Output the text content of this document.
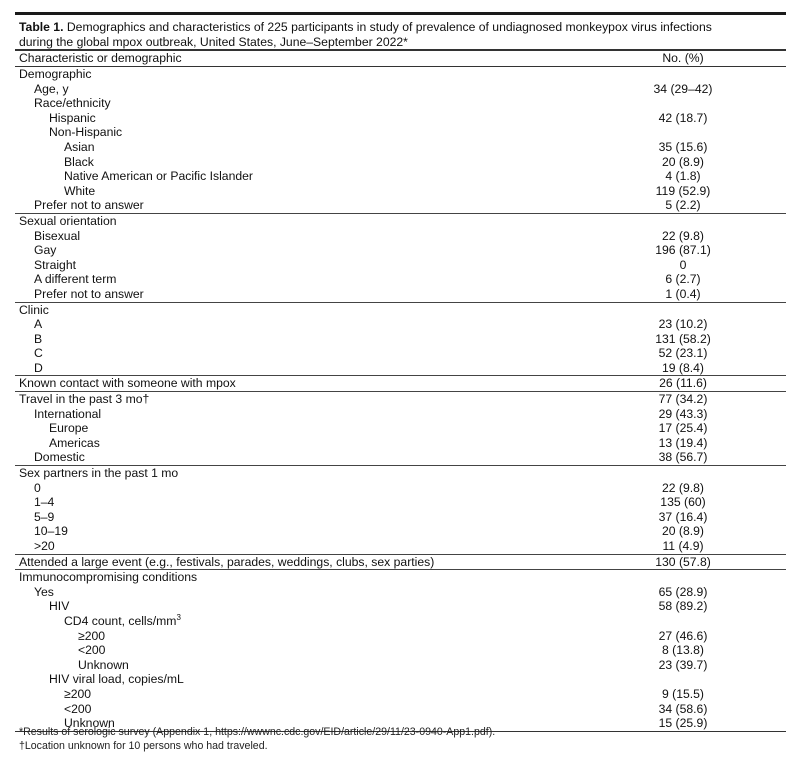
Table 1. Demographics and characteristics of 225 participants in study of prevalence of undiagnosed monkeypox virus infections
during the global mpox outbreak, United States, June–September 2022*
Characteristic or demographic	No. (%)
Demographic
Age, y	34 (29–42)
Race/ethnicity
Hispanic	42 (18.7)
Non-Hispanic
Asian	35 (15.6)
Black	20 (8.9)
Native American or Pacific Islander	4 (1.8)
White	119 (52.9)
Prefer not to answer	5 (2.2)
Sexual orientation
Bisexual	22 (9.8)
Gay	196 (87.1)
Straight	0
A different term	6 (2.7)
Prefer not to answer	1 (0.4)
Clinic
A	23 (10.2)
B	131 (58.2)
C	52 (23.1)
D	19 (8.4)
Known contact with someone with mpox	26 (11.6)
Travel in the past 3 mo†	77 (34.2)
International	29 (43.3)
Europe	17 (25.4)
Americas	13 (19.4)
Domestic	38 (56.7)
Sex partners in the past 1 mo
0	22 (9.8)
1–4	135 (60)
5–9	37 (16.4)
10–19	20 (8.9)
>20	11 (4.9)
Attended a large event (e.g., festivals, parades, weddings, clubs, sex parties)	130 (57.8)
Immunocompromising conditions
Yes	65 (28.9)
HIV	58 (89.2)
CD4 count, cells/$mm^3$
≥200	27 (46.6)
<200	8 (13.8)
Unknown	23 (39.7)
HIV viral load, copies/mL
≥200	9 (15.5)
<200	34 (58.6)
Unknown	15 (25.9)
*Results of serologic survey (Appendix 1, https://wwwnc.cdc.gov/EID/article/29/11/23-0940-App1.pdf).
†Location unknown for 10 persons who had traveled.
